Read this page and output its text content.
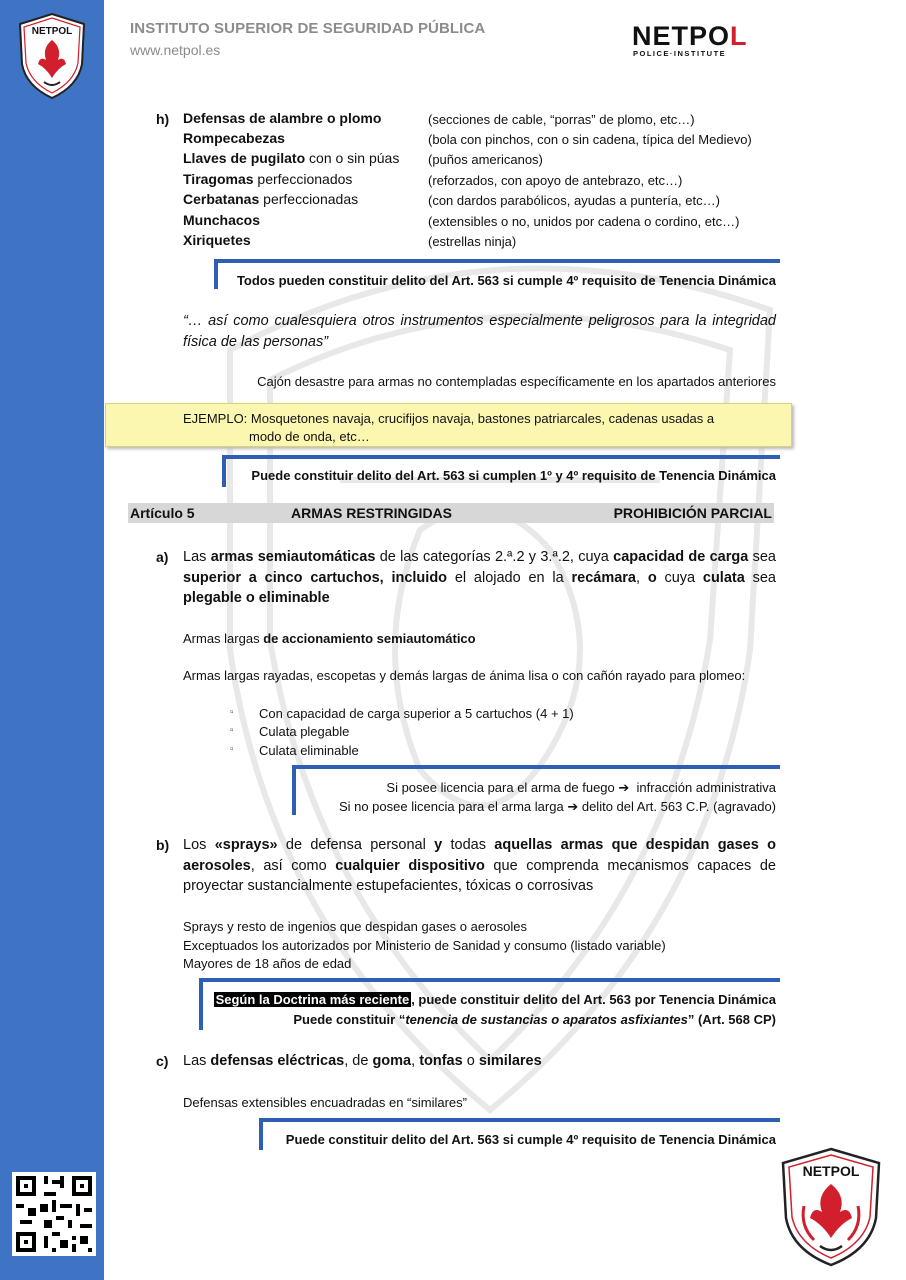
NETPOL	INSTITUTO SUPERIOR DE SEGURIDAD PÚBLICA
www.netpol.es	NETPOL
POLICE·INSTITUTE
h) Defensas de alambre o plomo	(secciones de cable, “porras” de plomo, etc…)
Rompecabezas	(bola con pinchos, con o sin cadena, típica del Medievo)
Llaves de pugilato con o sin púas (puños americanos)
Tiragomas perfeccionados	(reforzados, con apoyo de antebrazo, etc…)
Cerbatanas perfeccionadas	(con dardos parabólicos, ayudas a puntería, etc…)
Munchacos	(extensibles o no, unidos por cadena o cordino, etc…)
Xiriquetes	(estrellas ninja)
Todos pueden constituir delito del Art. 563 si cumple 4º requisito de Tenencia Dinámica
“… así como cualesquiera otros instrumentos especialmente peligrosos para la integridad física de las personas”
Cajón desastre para armas no contempladas específicamente en los apartados anteriores
EJEMPLO: Mosquetones navaja, crucifijos navaja, bastones patriarcales, cadenas usadas a
modo de onda, etc…
Puede constituir delito del Art. 563 si cumplen 1º y 4º requisito de Tenencia Dinámica
Artículo 5	ARMAS RESTRINGIDAS	PROHIBICIÓN PARCIAL
a) Las armas semiautomáticas de las categorías 2.ª.2 y 3.ª.2, cuya capacidad de carga sea superior a cinco cartuchos, incluido el alojado en la recámara, o cuya culata sea plegable o eliminable
Armas largas de accionamiento semiautomático
Armas largas rayadas, escopetas y demás largas de ánima lisa o con cañón rayado para plomeo:
▫ Con capacidad de carga superior a 5 cartuchos (4 + 1)
▫ Culata plegable
▫ Culata eliminable
Si posee licencia para el arma de fuego ➔ infracción administrativa
Si no posee licencia para el arma larga ➔ delito del Art. 563 C.P. (agravado)
b) Los «sprays» de defensa personal y todas aquellas armas que despidan gases o aerosoles, así como cualquier dispositivo que comprenda mecanismos capaces de proyectar sustancialmente estupefacientes, tóxicas o corrosivas
Sprays y resto de ingenios que despidan gases o aerosoles
Exceptuados los autorizados por Ministerio de Sanidad y consumo (listado variable)
Mayores de 18 años de edad
Según la Doctrina más reciente , puede constituir delito del Art. 563 por Tenencia Dinámica
Puede constituir “tenencia de sustancias o aparatos asfixiantes” (Art. 568 CP)
c) Las defensas eléctricas, de goma, tonfas o similares
Defensas extensibles encuadradas en “similares”
Puede constituir delito del Art. 563 si cumple 4º requisito de Tenencia Dinámica
NETPOL
